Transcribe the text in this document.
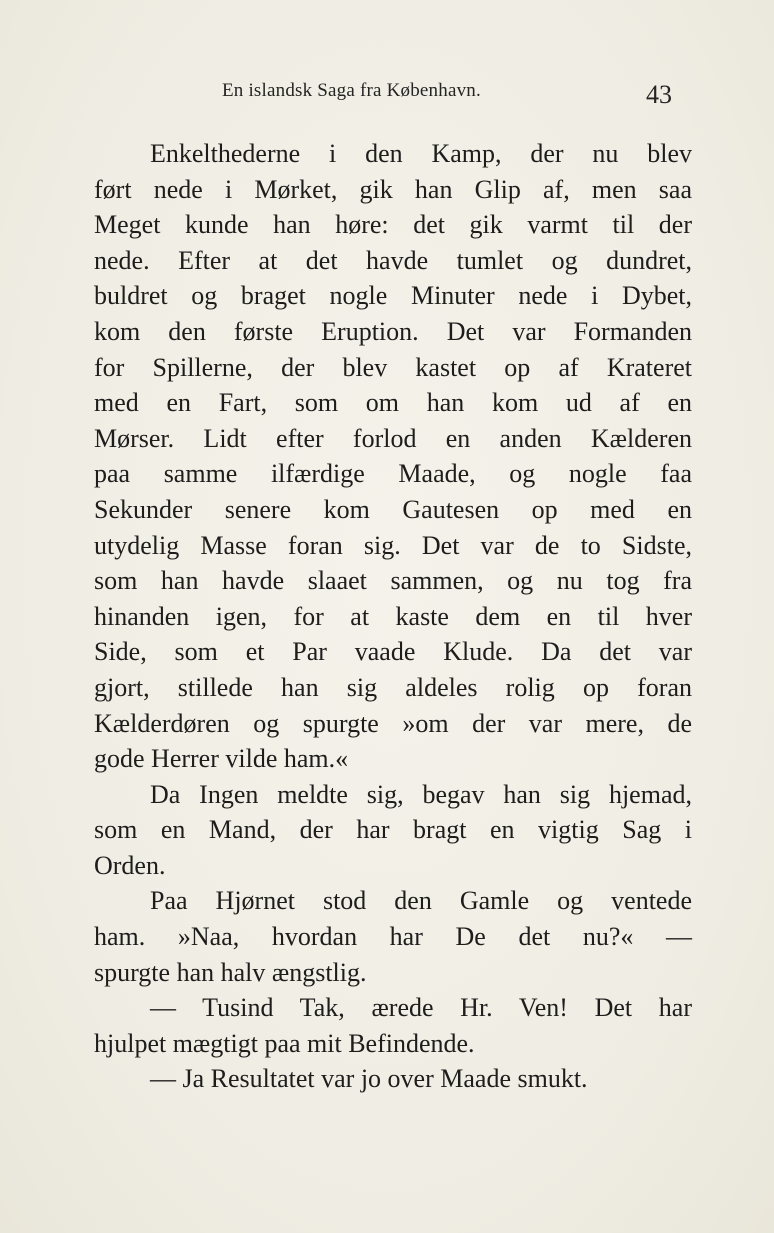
En islandsk Saga fra København.	43
Enkelthederne i den Kamp, der nu blev
ført nede i Mørket, gik han Glip af, men saa
Meget kunde han høre: det gik varmt til der
nede. Efter at det havde tumlet og dundret,
buldret og braget nogle Minuter nede i Dybet,
kom den første Eruption. Det var Formanden
for Spillerne, der blev kastet op af Krateret
med en Fart, som om han kom ud af en
Mørser. Lidt efter forlod en anden Kælderen
paa samme ilfærdige Maade, og nogle faa
Sekunder senere kom Gautesen op med en
utydelig Masse foran sig. Det var de to Sidste,
som han havde slaaet sammen, og nu tog fra
hinanden igen, for at kaste dem en til hver
Side, som et Par vaade Klude. Da det var
gjort, stillede han sig aldeles rolig op foran
Kælderdøren og spurgte »om der var mere, de
gode Herrer vilde ham.«
Da Ingen meldte sig, begav han sig hjemad,
som en Mand, der har bragt en vigtig Sag i
Orden.
Paa Hjørnet stod den Gamle og ventede
ham. »Naa, hvordan har De det nu?« —
spurgte han halv ængstlig.
— Tusind Tak, ærede Hr. Ven! Det har
hjulpet mægtigt paa mit Befindende.
— Ja Resultatet var jo over Maade smukt.
